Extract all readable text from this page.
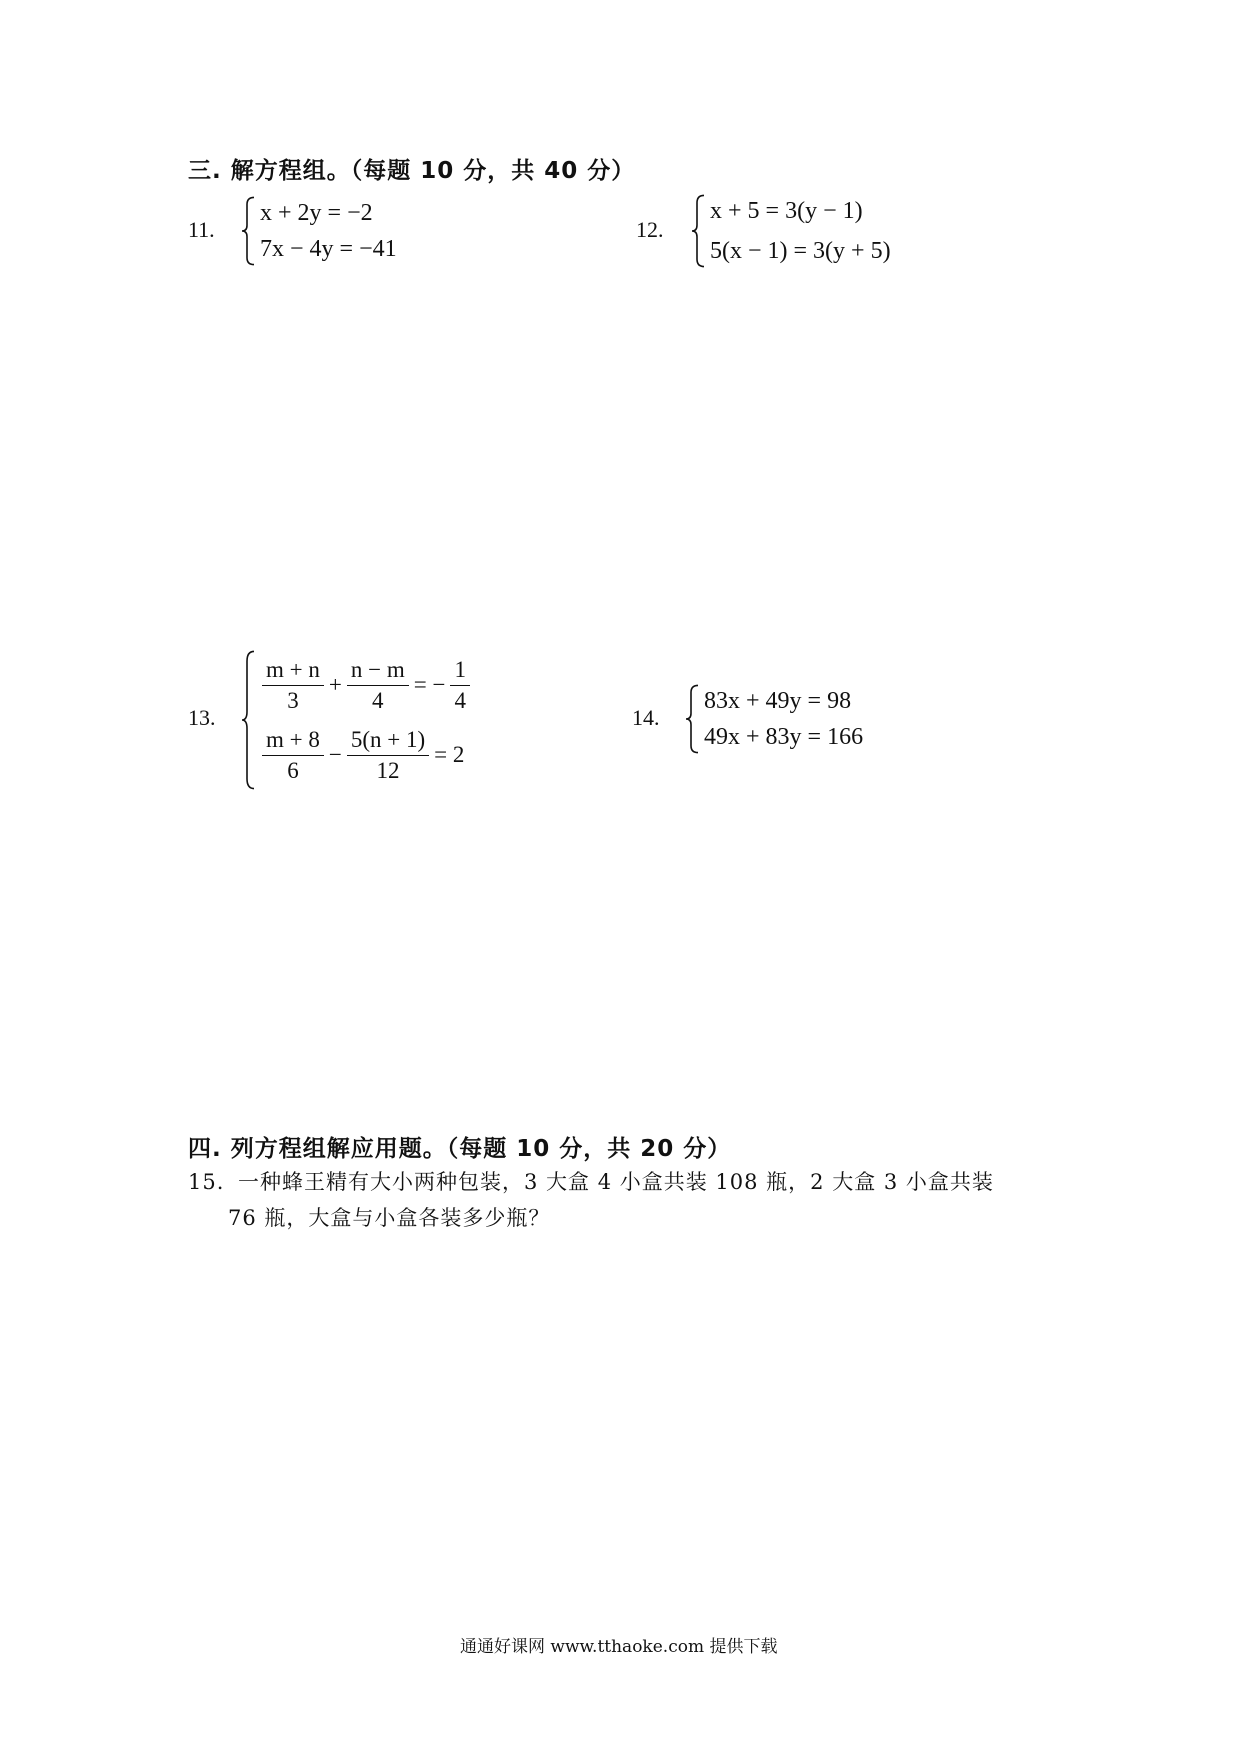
三. 解方程组。（每题 10 分，共 40 分）
11.
x + 2y = −2
7x − 4y = −41
12.
x + 5 = 3(y − 1)
5(x − 1) = 3(y + 5)
13.
$\frac{m + n}{3} + \frac{n - m}{4}$ = − $\frac{1}{4}$
$\frac{m + 8}{6} - \frac{5(n + 1)}{12} = 2$
14.
83x + 49y = 98
49x + 83y = 166
四. 列方程组解应用题。（每题 10 分，共 20 分）
15. 一种蜂王精有大小两种包装，3 大盒 4 小盒共装 108 瓶，2 大盒 3 小盒共装
76 瓶，大盒与小盒各装多少瓶？
通通好课网 www.tthaoke.com 提供下载
